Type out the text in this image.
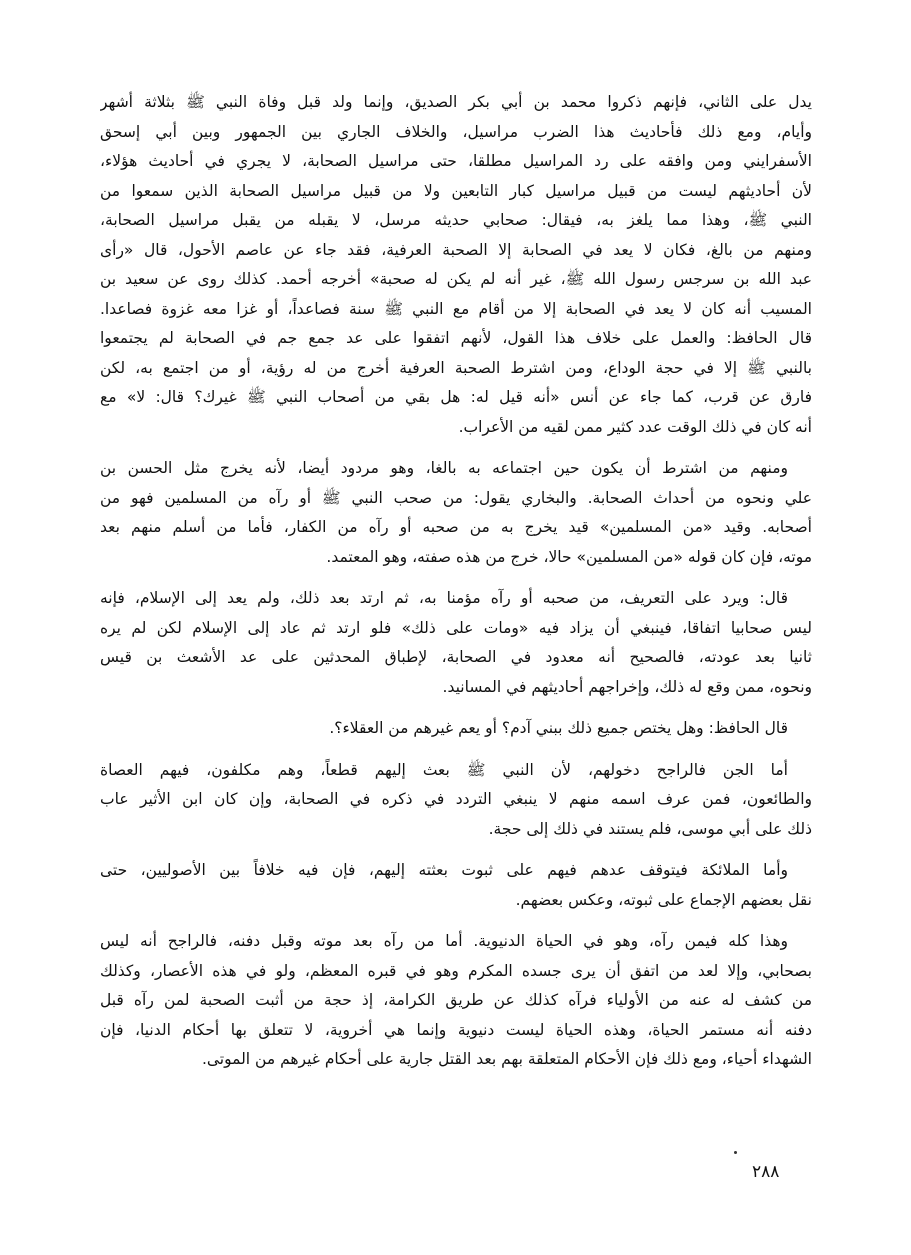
يدل على الثاني، فإنهم ذكروا محمد بن أبي بكر الصديق، وإنما ولد قبل وفاة النبي ﷺ بثلاثة أشهر
وأيام، ومع ذلك فأحاديث هذا الضرب مراسيل، والخلاف الجاري بين الجمهور وبين أبي إسحق
الأسفرايني ومن وافقه على رد المراسيل مطلقا، حتى مراسيل الصحابة، لا يجري في أحاديث هؤلاء،
لأن أحاديثهم ليست من قبيل مراسيل كبار التابعين ولا من قبيل مراسيل الصحابة الذين سمعوا من
النبي ﷺ، وهذا مما يلغز به، فيقال: صحابي حديثه مرسل، لا يقبله من يقبل مراسيل الصحابة،
ومنهم من بالغ، فكان لا يعد في الصحابة إلا الصحبة العرفية، فقد جاء عن عاصم الأحول، قال «رأى
عبد الله بن سرجس رسول الله ﷺ، غير أنه لم يكن له صحبة» أخرجه أحمد. كذلك روى عن سعيد بن
المسيب أنه كان لا يعد في الصحابة إلا من أقام مع النبي ﷺ سنة فصاعداً، أو غزا معه غزوة فصاعدا.
قال الحافظ: والعمل على خلاف هذا القول، لأنهم اتفقوا على عد جمع جم في الصحابة لم يجتمعوا
بالنبي ﷺ إلا في حجة الوداع، ومن اشترط الصحبة العرفية أخرج من له رؤية، أو من اجتمع به، لكن
فارق عن قرب، كما جاء عن أنس «أنه قيل له: هل بقي من أصحاب النبي ﷺ غيرك؟ قال: لا» مع
أنه كان في ذلك الوقت عدد كثير ممن لقيه من الأعراب.
ومنهم من اشترط أن يكون حين اجتماعه به بالغا، وهو مردود أيضا، لأنه يخرج مثل الحسن بن
علي ونحوه من أحداث الصحابة. والبخاري يقول: من صحب النبي ﷺ أو رآه من المسلمين فهو من
أصحابه. وقيد «من المسلمين» قيد يخرج به من صحبه أو رآه من الكفار، فأما من أسلم منهم بعد
موته، فإن كان قوله «من المسلمين» حالا، خرج من هذه صفته، وهو المعتمد.
قال: ويرد على التعريف، من صحبه أو رآه مؤمنا به، ثم ارتد بعد ذلك، ولم يعد إلى الإسلام، فإنه
ليس صحابيا اتفاقا، فينبغي أن يزاد فيه «ومات على ذلك» فلو ارتد ثم عاد إلى الإسلام لكن لم يره
ثانيا بعد عودته، فالصحيح أنه معدود في الصحابة، لإطباق المحدثين على عد الأشعث بن قيس
ونحوه، ممن وقع له ذلك، وإخراجهم أحاديثهم في المسانيد.
قال الحافظ: وهل يختص جميع ذلك ببني آدم؟ أو يعم غيرهم من العقلاء؟.
أما الجن فالراجح دخولهم، لأن النبي ﷺ بعث إليهم قطعاً، وهم مكلفون، فيهم العصاة
والطائعون، فمن عرف اسمه منهم لا ينبغي التردد في ذكره في الصحابة، وإن كان ابن الأثير عاب
ذلك على أبي موسى، فلم يستند في ذلك إلى حجة.
وأما الملائكة فيتوقف عدهم فيهم على ثبوت بعثته إليهم، فإن فيه خلافاً بين الأصوليين، حتى
نقل بعضهم الإجماع على ثبوته، وعكس بعضهم.
وهذا كله فيمن رآه، وهو في الحياة الدنيوية. أما من رآه بعد موته وقبل دفنه، فالراجح أنه ليس
بصحابي، وإلا لعد من اتفق أن يرى جسده المكرم وهو في قبره المعظم، ولو في هذه الأعصار، وكذلك
من كشف له عنه من الأولياء فرآه كذلك عن طريق الكرامة، إذ حجة من أثبت الصحبة لمن رآه قبل
دفنه أنه مستمر الحياة، وهذه الحياة ليست دنيوية وإنما هي أخروية، لا تتعلق بها أحكام الدنيا، فإن
الشهداء أحياء، ومع ذلك فإن الأحكام المتعلقة بهم بعد القتل جارية على أحكام غيرهم من الموتى.
٢٨٨
